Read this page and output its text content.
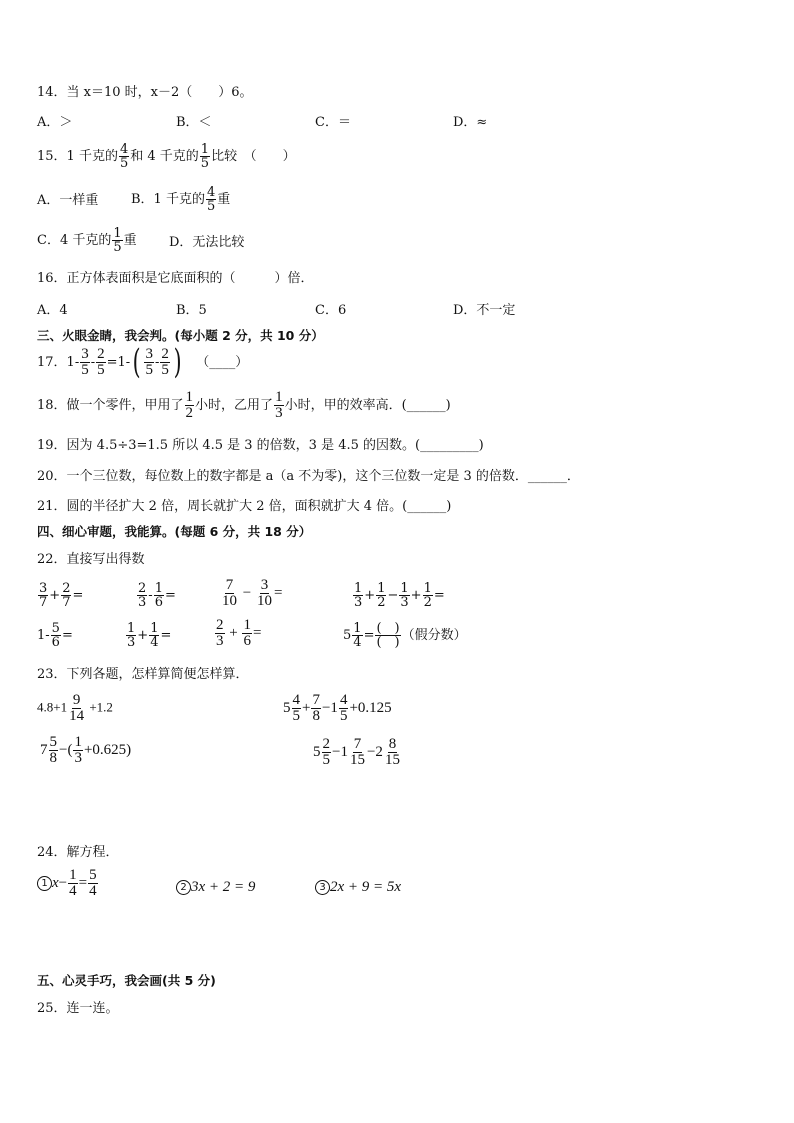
14．当 x＝10 时，x－2（　　）6。
A．＞	B．＜	C．＝	D．≈
15．1 千克的 $\frac{4}{5}$ 和 4 千克的 $\frac{1}{5}$ 比较　（　　）
A．一样重	B．1 千克的 $\frac{4}{5}$ 重
C．4 千克的 $\frac{1}{5}$ 重 D．无法比较
16．正方体表面积是它底面积的（　　　）倍．
A．4	B．5	C．6	D．不一定
三、火眼金睛，我会判。(每小题 2 分，共 10 分）
17．$1- \frac{3}{5} - \frac{2}{5} =1-( \frac{3}{5} - \frac{2}{5}$ ) （____）
18．做一个零件，甲用了 $\frac{1}{2}$ 小时，乙用了 $\frac{1}{3}$ 小时，甲的效率高．(______)
19．因为 4.5÷3=1.5 所以 4.5 是 3 的倍数，3 是 4.5 的因数。(_________)
20．一个三位数，每位数上的数字都是 a（a 不为零)，这个三位数一定是 3 的倍数．______．
21．圆的半径扩大 2 倍，周长就扩大 2 倍，面积就扩大 4 倍。(______)
四、细心审题，我能算。(每题 6 分，共 18 分）
22．直接写出得数
$\frac{3}{7} + \frac{2}{7}$ =	$\frac{2}{3} - \frac{1}{6}$ =	$\frac{7}{10} - \frac{3}{10}$ =	$\frac{1}{3} + \frac{1}{2} - \frac{1}{3} + \frac{1}{2}$ =
$1- \frac{5}{6}$ =	$\frac{1}{3} + \frac{1}{4}$ =	$\frac{2}{3} + \frac{1}{6}$ =	$5 \frac{1}{4} = \frac{( )}{( )}$ （假分数）
23．下列各题，怎样算简便怎样算．
$4.8+1 \frac{9}{14} +1.2$	$5 \frac{4}{5} + \frac{7}{8} -1 \frac{4}{5} +0.125$
$7 \frac{5}{8}$ −( $\frac{1}{3} +0.625$)	$5 \frac{2}{5} -1 \frac{7}{15} -2 \frac{8}{15}$
24．解方程．
1 $x- \frac{1}{4} = \frac{5}{4}$	2 3x + 2 = 9	3 2x + 9 = 5x
五、心灵手巧，我会画(共 5 分)
25．连一连。
